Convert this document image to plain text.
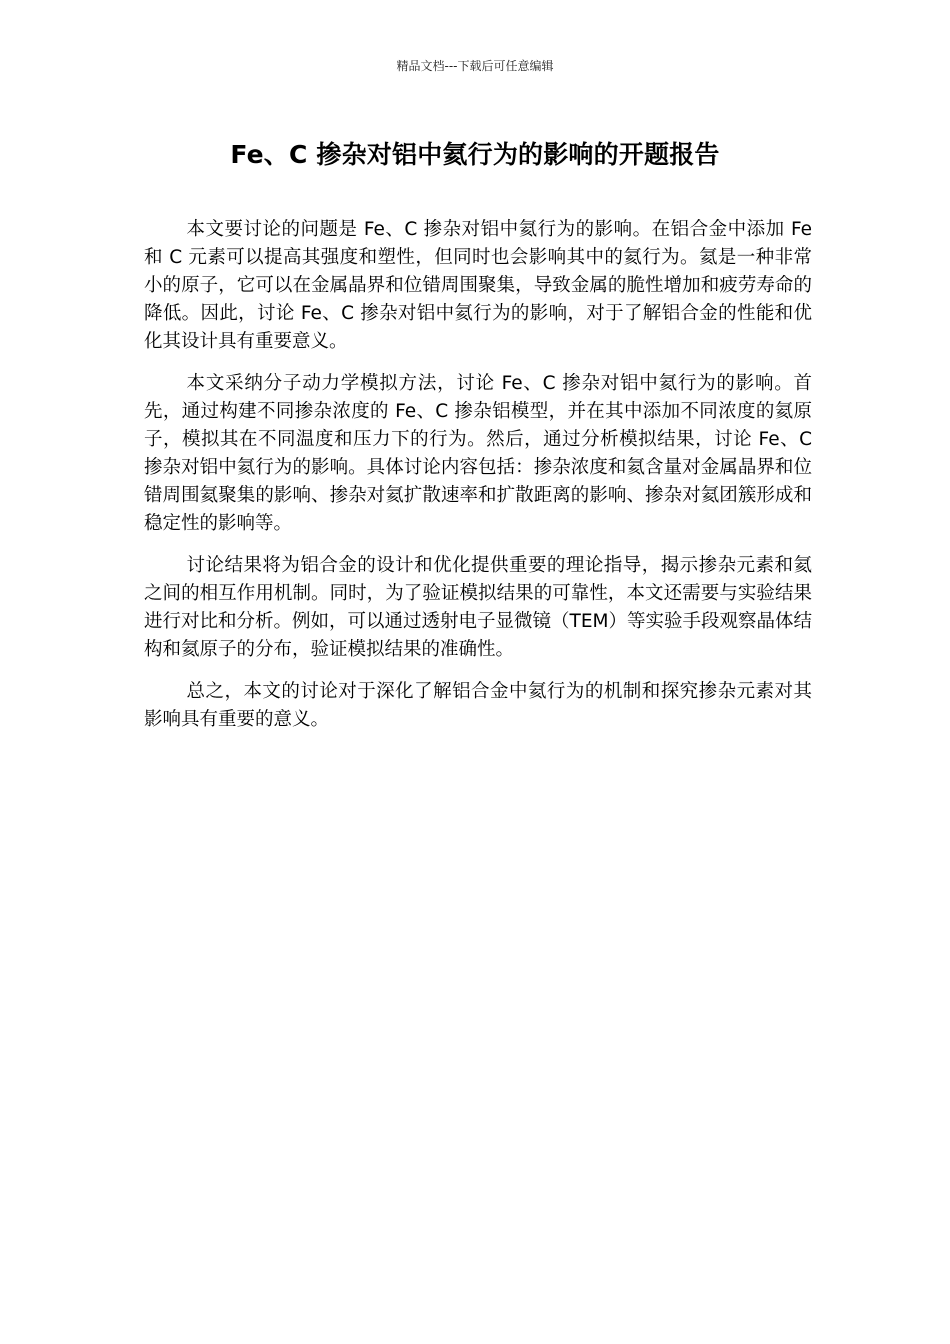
精品文档---下载后可任意编辑
Fe、C 掺杂对铝中氦行为的影响的开题报告

本文要讨论的问题是 Fe、C 掺杂对铝中氦行为的影响。在铝合金中添加 Fe 和 C 元素可以提高其强度和塑性，但同时也会影响其中的氦行为。氦是一种非常小的原子，它可以在金属晶界和位错周围聚集，导致金属的脆性增加和疲劳寿命的降低。因此，讨论 Fe、C 掺杂对铝中氦行为的影响，对于了解铝合金的性能和优化其设计具有重要意义。

本文采纳分子动力学模拟方法，讨论 Fe、C 掺杂对铝中氦行为的影响。首先，通过构建不同掺杂浓度的 Fe、C 掺杂铝模型，并在其中添加不同浓度的氦原子，模拟其在不同温度和压力下的行为。然后，通过分析模拟结果，讨论 Fe、C 掺杂对铝中氦行为的影响。具体讨论内容包括：掺杂浓度和氦含量对金属晶界和位错周围氦聚集的影响、掺杂对氦扩散速率和扩散距离的影响、掺杂对氦团簇形成和稳定性的影响等。

讨论结果将为铝合金的设计和优化提供重要的理论指导，揭示掺杂元素和氦之间的相互作用机制。同时，为了验证模拟结果的可靠性，本文还需要与实验结果进行对比和分析。例如，可以通过透射电子显微镜（TEM）等实验手段观察晶体结构和氦原子的分布，验证模拟结果的准确性。

总之，本文的讨论对于深化了解铝合金中氦行为的机制和探究掺杂元素对其影响具有重要的意义。
